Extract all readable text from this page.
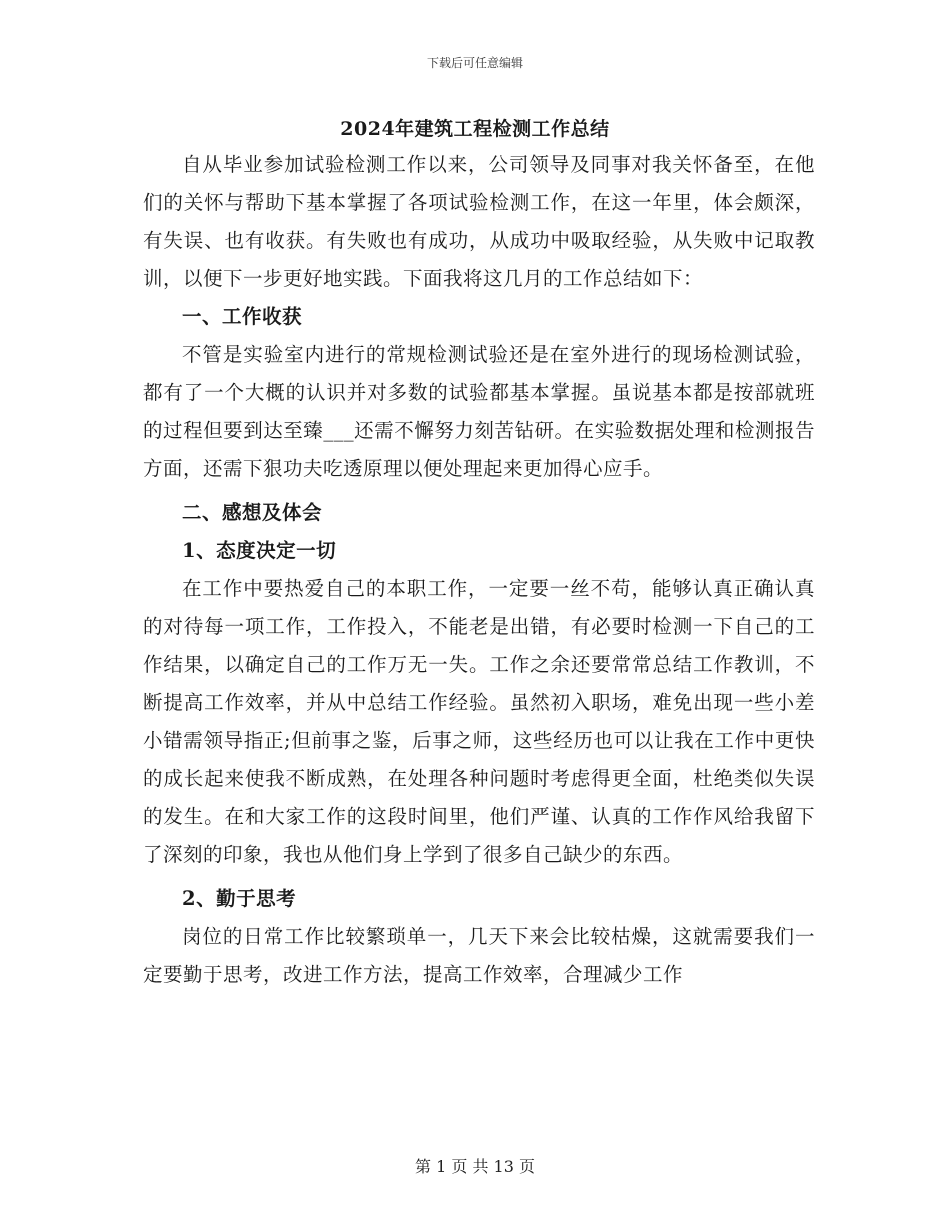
下载后可任意编辑
2024年建筑工程检测工作总结

自从毕业参加试验检测工作以来，公司领导及同事对我关怀备至，在他们的关怀与帮助下基本掌握了各项试验检测工作，在这一年里，体会颇深，有失误、也有收获。有失败也有成功，从成功中吸取经验，从失败中记取教训，以便下一步更好地实践。下面我将这几月的工作总结如下：

一、工作收获

不管是实验室内进行的常规检测试验还是在室外进行的现场检测试验，都有了一个大概的认识并对多数的试验都基本掌握。虽说基本都是按部就班的过程但要到达至臻___还需不懈努力刻苦钻研。在实验数据处理和检测报告方面，还需下狠功夫吃透原理以便处理起来更加得心应手。

二、感想及体会

1、态度决定一切

在工作中要热爱自己的本职工作，一定要一丝不苟，能够认真正确认真的对待每一项工作，工作投入，不能老是出错，有必要时检测一下自己的工作结果，以确定自己的工作万无一失。工作之余还要常常总结工作教训，不断提高工作效率，并从中总结工作经验。虽然初入职场，难免出现一些小差小错需领导指正;但前事之鉴，后事之师，这些经历也可以让我在工作中更快的成长起来使我不断成熟，在处理各种问题时考虑得更全面，杜绝类似失误的发生。在和大家工作的这段时间里，他们严谨、认真的工作作风给我留下了深刻的印象，我也从他们身上学到了很多自己缺少的东西。

2、勤于思考

岗位的日常工作比较繁琐单一，几天下来会比较枯燥，这就需要我们一定要勤于思考，改进工作方法，提高工作效率，合理减少工作

第 1 页 共 13 页
